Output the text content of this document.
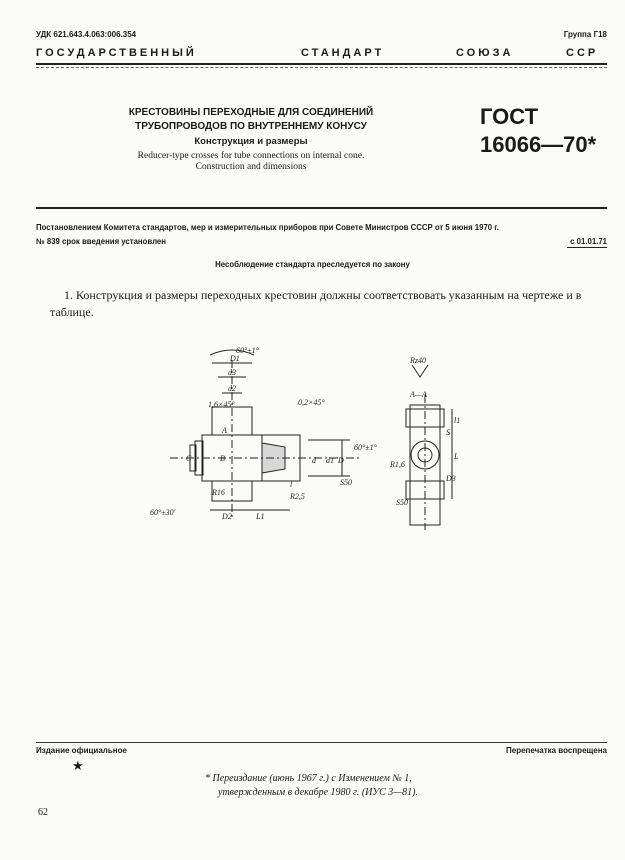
УДК 621.643.4.063:006.354	Группа Г18
ГОСУДАРСТВЕННЫЙ	СТАНДАРТ	СОЮЗА	ССР
КРЕСТОВИНЫ ПЕРЕХОДНЫЕ ДЛЯ СОЕДИНЕНИЙ
ТРУБОПРОВОДОВ ПО ВНУТРЕННЕМУ КОНУСУ
Конструкция и размеры
Reducer-type crosses for tube connections on internal cone.
Construction and dimensions
ГОСТ
16066—70*
Постановлением Комитета стандартов, мер и измерительных приборов при Совете Министров СССР от 5 июня 1970 г.
№ 839 срок введения установлен	с 01.01.71
Несоблюдение стандарта преследуется по закону
1. Конструкция и размеры переходных крестовин должны соответствовать указанным на чертеже и в таблице.
60°±1°
D1
d3
d2
1,6×45°	0,2×45°
d d1 D
60°±1°
D2	L1
l
R2,5
R16
B
C
А
60°±30'
S50
Rz40
А—А
l1
S
L
D3
R1,6
S50
Издание официальное	Перепечатка воспрещена
★
* Переиздание (июнь 1967 г.) с Изменением № 1,
утвержденным в декабре 1980 г. (ИУС 3—81).
62
